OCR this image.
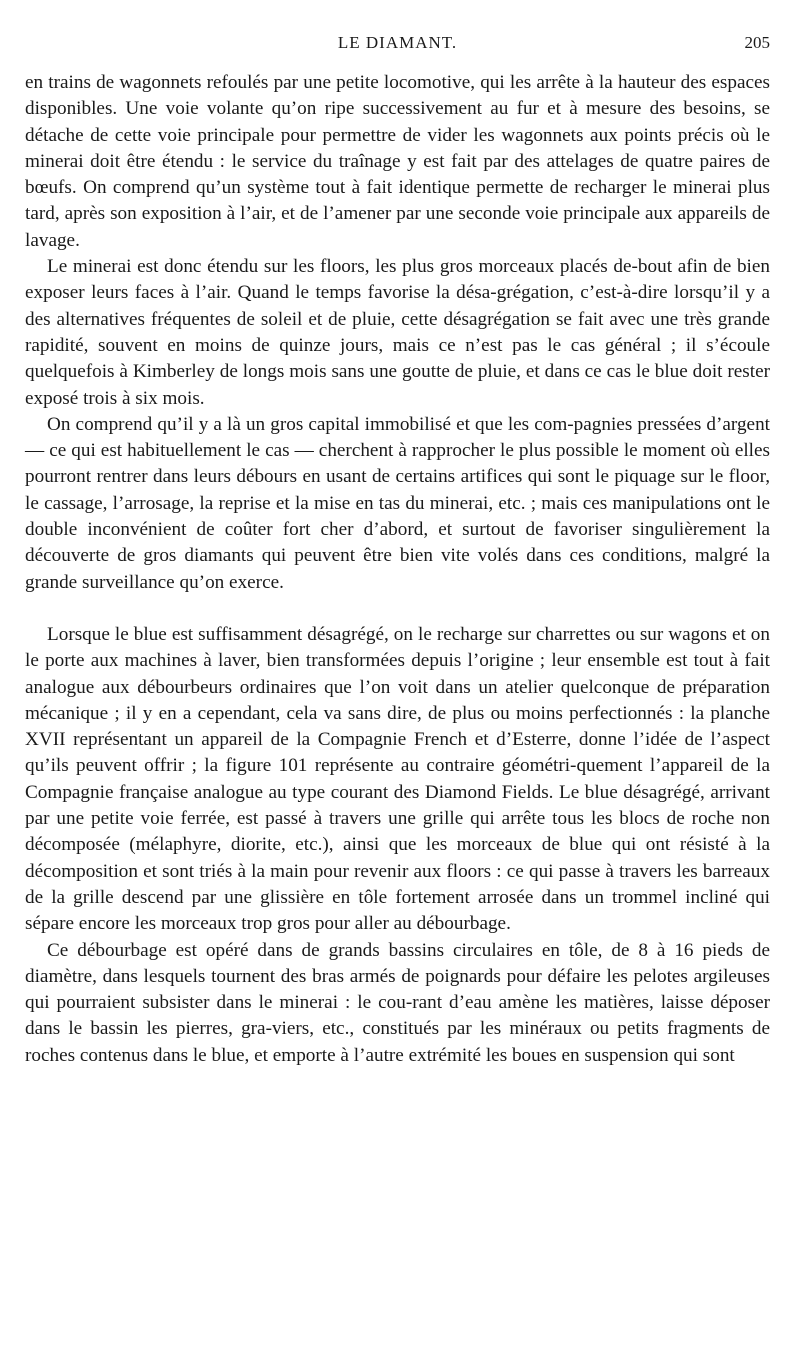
LE DIAMANT.	205

en trains de wagonnets refoulés par une petite locomotive, qui les arrête à la hauteur des espaces disponibles. Une voie volante qu’on ripe successivement au fur et à mesure des besoins, se détache de cette voie principale pour permettre de vider les wagonnets aux points précis où le minerai doit être étendu : le service du traînage y est fait par des attelages de quatre paires de bœufs. On comprend qu’un système tout à fait identique permette de recharger le minerai plus tard, après son exposition à l’air, et de l’amener par une seconde voie principale aux appareils de lavage.

Le minerai est donc étendu sur les floors, les plus gros morceaux placés de-bout afin de bien exposer leurs faces à l’air. Quand le temps favorise la désa-grégation, c’est-à-dire lorsqu’il y a des alternatives fréquentes de soleil et de pluie, cette désagrégation se fait avec une très grande rapidité, souvent en moins de quinze jours, mais ce n’est pas le cas général ; il s’écoule quelquefois à Kimberley de longs mois sans une goutte de pluie, et dans ce cas le blue doit rester exposé trois à six mois.

On comprend qu’il y a là un gros capital immobilisé et que les com-pagnies pressées d’argent — ce qui est habituellement le cas — cherchent à rapprocher le plus possible le moment où elles pourront rentrer dans leurs débours en usant de certains artifices qui sont le piquage sur le floor, le cassage, l’arrosage, la reprise et la mise en tas du minerai, etc. ; mais ces manipulations ont le double inconvénient de coûter fort cher d’abord, et surtout de favoriser singulièrement la découverte de gros diamants qui peuvent être bien vite volés dans ces conditions, malgré la grande surveillance qu’on exerce.

Lorsque le blue est suffisamment désagrégé, on le recharge sur charrettes ou sur wagons et on le porte aux machines à laver, bien transformées depuis l’origine ; leur ensemble est tout à fait analogue aux débourbeurs ordinaires que l’on voit dans un atelier quelconque de préparation mécanique ; il y en a cependant, cela va sans dire, de plus ou moins perfectionnés : la planche XVII représentant un appareil de la Compagnie French et d’Esterre, donne l’idée de l’aspect qu’ils peuvent offrir ; la figure 101 représente au contraire géométri-quement l’appareil de la Compagnie française analogue au type courant des Diamond Fields. Le blue désagrégé, arrivant par une petite voie ferrée, est passé à travers une grille qui arrête tous les blocs de roche non décomposée (mélaphyre, diorite, etc.), ainsi que les morceaux de blue qui ont résisté à la décomposition et sont triés à la main pour revenir aux floors : ce qui passe à travers les barreaux de la grille descend par une glissière en tôle fortement arrosée dans un trommel incliné qui sépare encore les morceaux trop gros pour aller au débourbage.

Ce débourbage est opéré dans de grands bassins circulaires en tôle, de 8 à 16 pieds de diamètre, dans lesquels tournent des bras armés de poignards pour défaire les pelotes argileuses qui pourraient subsister dans le minerai : le cou-rant d’eau amène les matières, laisse déposer dans le bassin les pierres, gra-viers, etc., constitués par les minéraux ou petits fragments de roches contenus dans le blue, et emporte à l’autre extrémité les boues en suspension qui sont
